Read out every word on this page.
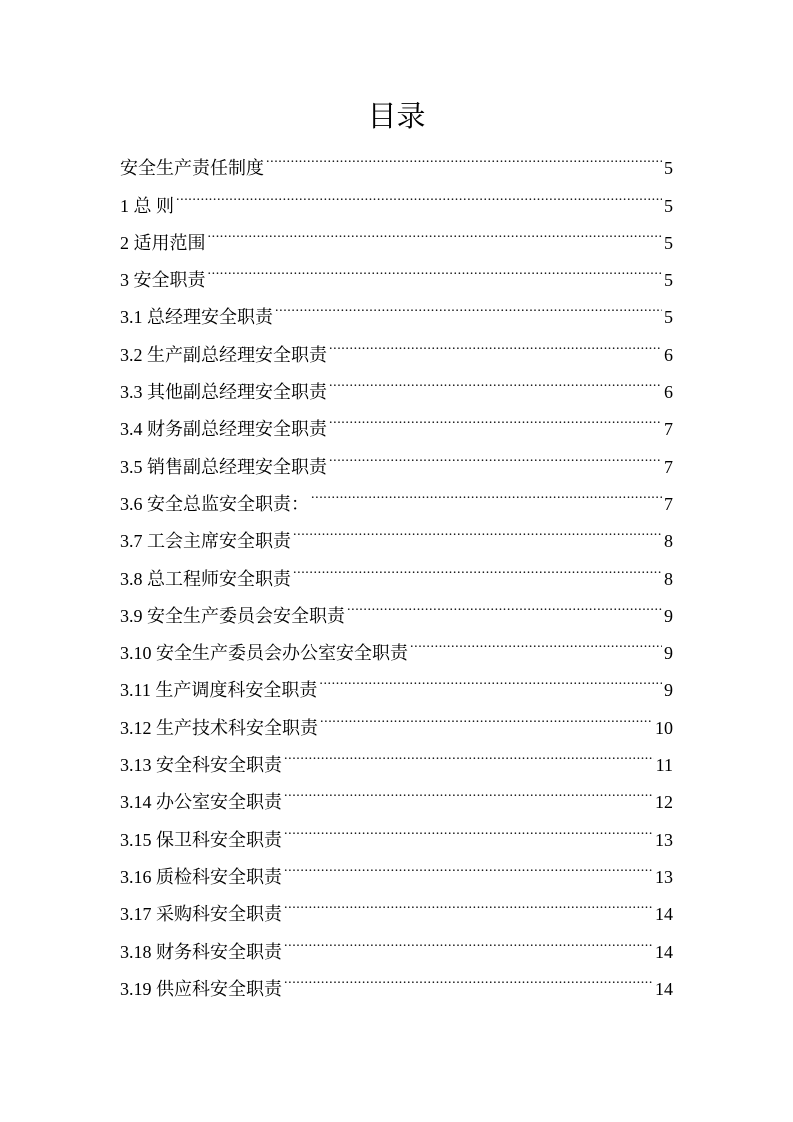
目录
安全生产责任制度 .....	5
1 总 则 .....	5
2 适用范围 .....	5
3 安全职责 .....	5
3.1 总经理安全职责 .....	5
3.2 生产副总经理安全职责 .....	6
3.3 其他副总经理安全职责 .....	6
3.4 财务副总经理安全职责 .....	7
3.5 销售副总经理安全职责 .....	7
3.6 安全总监安全职责： .....	7
3.7 工会主席安全职责 .....	8
3.8 总工程师安全职责 .....	8
3.9 安全生产委员会安全职责 .....	9
3.10 安全生产委员会办公室安全职责 .....	9
3.11 生产调度科安全职责 .....	9
3.12 生产技术科安全职责 .....	10
3.13 安全科安全职责 .....	11
3.14 办公室安全职责 .....	12
3.15 保卫科安全职责 .....	13
3.16 质检科安全职责 .....	13
3.17 采购科安全职责 .....	14
3.18 财务科安全职责 .....	14
3.19 供应科安全职责 .....	14
